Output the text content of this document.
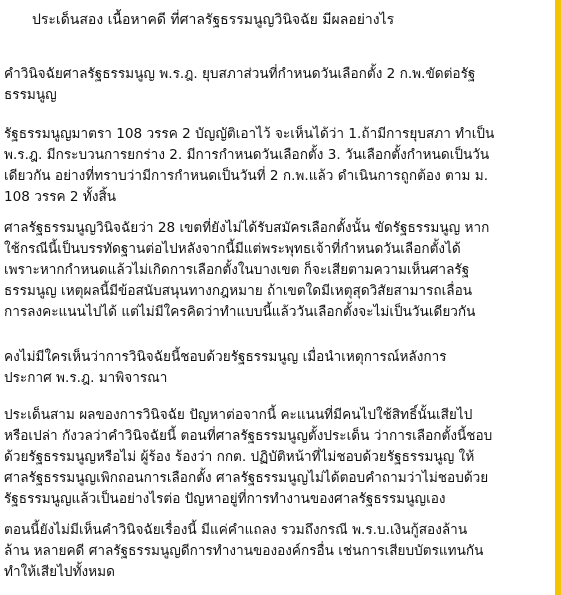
ประเด็นสอง เนื้อหาคดี ที่ศาลรัฐธรรมนูญวินิจฉัย มีผลอย่างไร
คำวินิจฉัยศาลรัฐธรรมนูญ พ.ร.ฎ. ยุบสภาส่วนที่กำหนดวันเลือกตั้ง 2 ก.พ.ขัดต่อรัฐ
ธรรมนูญ
รัฐธรรมนูญมาตรา 108 วรรค 2 บัญญัติเอาไว้ จะเห็นได้ว่า 1.ถ้ามีการยุบสภา ทำเป็น
พ.ร.ฎ. มีกระบวนการยกร่าง 2. มีการกำหนดวันเลือกตั้ง 3. วันเลือกตั้งกำหนดเป็นวัน
เดียวกัน อย่างที่ทราบว่ามีการกำหนดเป็นวันที่ 2 ก.พ.แล้ว ดำเนินการถูกต้อง ตาม ม.
108 วรรค 2 ทั้งสิ้น
ศาลรัฐธรรมนูญวินิจฉัยว่า 28 เขตที่ยังไม่ได้รับสมัครเลือกตั้งนั้น ขัดรัฐธรรมนูญ หาก
ใช้กรณีนี้เป็นบรรทัดฐานต่อไปหลังจากนี้มีแต่พระพุทธเจ้าที่กำหนดวันเลือกตั้งได้
เพราะหากกำหนดแล้วไม่เกิดการเลือกตั้งในบางเขต ก็จะเสียตามความเห็นศาลรัฐ
ธรรมนูญ เหตุผลนี้มีข้อสนับสนุนทางกฎหมาย ถ้าเขตใดมีเหตุสุดวิสัยสามารถเลื่อน
การลงคะแนนไปได้ แต่ไม่มีใครคิดว่าทำแบบนี้แล้ววันเลือกตั้งจะไม่เป็นวันเดียวกัน
คงไม่มีใครเห็นว่าการวินิจฉัยนี้ชอบด้วยรัฐธรรมนูญ เมื่อนำเหตุการณ์หลังการ
ประกาศ พ.ร.ฎ. มาพิจารณา
ประเด็นสาม ผลของการวินิจฉัย ปัญหาต่อจากนี้ คะแนนที่มีคนไปใช้สิทธิ์นั้นเสียไป
หรือเปล่า กังวลว่าคำวินิจฉัยนี้ ตอนที่ศาลรัฐธรรมนูญตั้งประเด็น ว่าการเลือกตั้งนี้ชอบ
ด้วยรัฐธรรมนูญหรือไม่ ผู้ร้อง ร้องว่า กกต. ปฏิบัติหน้าที่ไม่ชอบด้วยรัฐธรรมนูญ ให้
ศาลรัฐธรรมนูญเพิกถอนการเลือกตั้ง ศาลรัฐธรรมนูญไม่ได้ตอบคำถามว่าไม่ชอบด้วย
รัฐธรรมนูญแล้วเป็นอย่างไรต่อ ปัญหาอยู่ที่การทำงานของศาลรัฐธรรมนูญเอง
ตอนนี้ยังไม่มีเห็นคำวินิจฉัยเรื่องนี้ มีแค่คำแถลง รวมถึงกรณี พ.ร.บ.เงินกู้สองล้าน
ล้าน หลายคดี ศาลรัฐธรรมนูญดีการทำงานขององค์กรอื่น เช่นการเสียบบัตรแทนกัน
ทำให้เสียไปทั้งหมด
